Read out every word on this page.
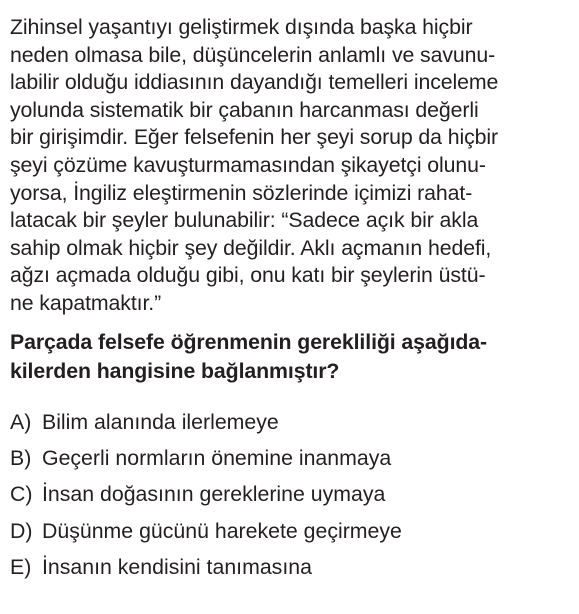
Zihinsel yaşantıyı geliştirmek dışında başka hiçbir
neden olmasa bile, düşüncelerin anlamlı ve savunu-
labilir olduğu iddiasının dayandığı temelleri inceleme
yolunda sistematik bir çabanın harcanması değerli
bir girişimdir. Eğer felsefenin her şeyi sorup da hiçbir
şeyi çözüme kavuşturmamasından şikayetçi olunu-
yorsa, İngiliz eleştirmenin sözlerinde içimizi rahat-
latacak bir şeyler bulunabilir: “Sadece açık bir akla
sahip olmak hiçbir şey değildir. Aklı açmanın hedefi,
ağzı açmada olduğu gibi, onu katı bir şeylerin üstü-
ne kapatmaktır.”
Parçada felsefe öğrenmenin gerekliliği aşağıda-
kilerden hangisine bağlanmıştır?
A) Bilim alanında ilerlemeye
B) Geçerli normların önemine inanmaya
C) İnsan doğasının gereklerine uymaya
D) Düşünme gücünü harekete geçirmeye
E) İnsanın kendisini tanımasına
